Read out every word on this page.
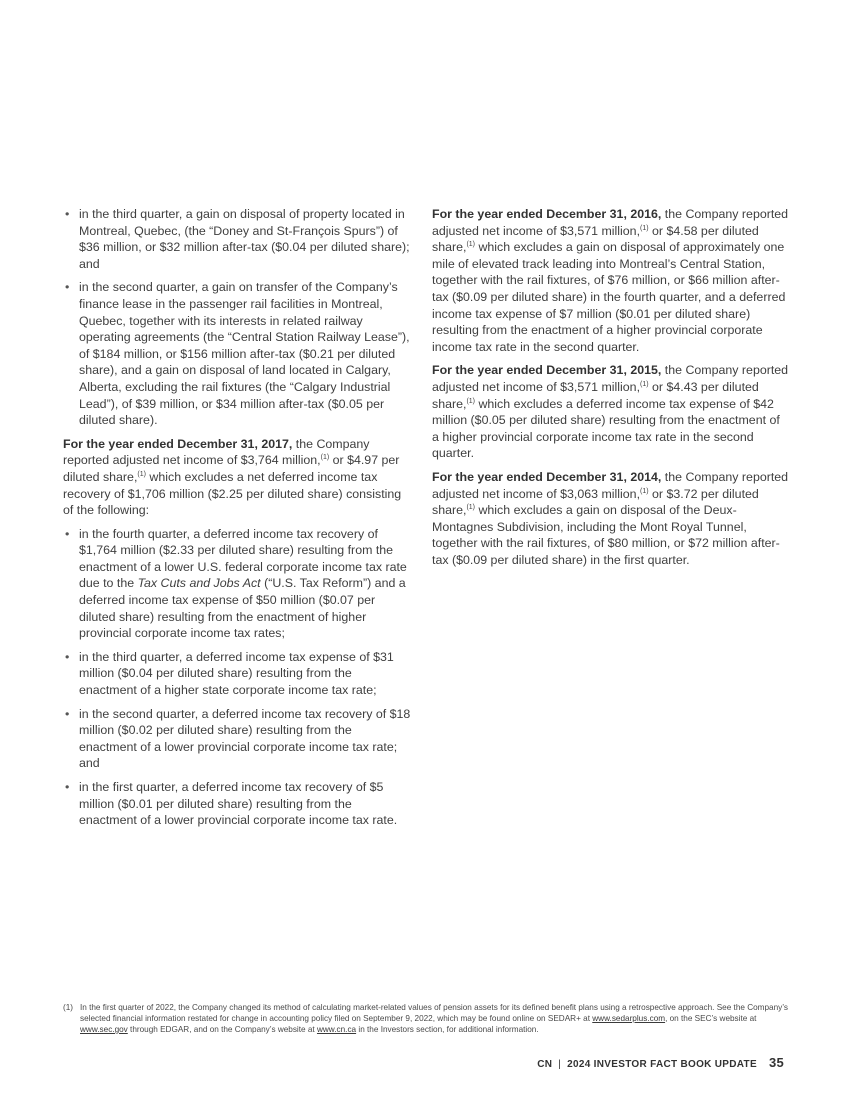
• in the third quarter, a gain on disposal of property located in Montreal, Quebec, (the “Doney and St-François Spurs”) of $36 million, or $32 million after-tax ($0.04 per diluted share); and
• in the second quarter, a gain on transfer of the Company’s finance lease in the passenger rail facilities in Montreal, Quebec, together with its interests in related railway operating agreements (the “Central Station Railway Lease”), of $184 million, or $156 million after-tax ($0.21 per diluted share), and a gain on disposal of land located in Calgary, Alberta, excluding the rail fixtures (the “Calgary Industrial Lead”), of $39 million, or $34 million after-tax ($0.05 per diluted share).

For the year ended December 31, 2017, the Company reported adjusted net income of $3,764 million,$^{(1)}$ or $4.97 per diluted share,$^{(1)}$ which excludes a net deferred income tax recovery of $1,706 million ($2.25 per diluted share) consisting of the following:

• in the fourth quarter, a deferred income tax recovery of $1,764 million ($2.33 per diluted share) resulting from the enactment of a lower U.S. federal corporate income tax rate due to the Tax Cuts and Jobs Act (“U.S. Tax Reform”) and a deferred income tax expense of $50 million ($0.07 per diluted share) resulting from the enactment of higher provincial corporate income tax rates;
• in the third quarter, a deferred income tax expense of $31 million ($0.04 per diluted share) resulting from the enactment of a higher state corporate income tax rate;
• in the second quarter, a deferred income tax recovery of $18 million ($0.02 per diluted share) resulting from the enactment of a lower provincial corporate income tax rate; and
• in the first quarter, a deferred income tax recovery of $5 million ($0.01 per diluted share) resulting from the enactment of a lower provincial corporate income tax rate.

For the year ended December 31, 2016, the Company reported adjusted net income of $3,571 million,$^{(1)}$ or $4.58 per diluted share,$^{(1)}$ which excludes a gain on disposal of approximately one mile of elevated track leading into Montreal’s Central Station, together with the rail fixtures, of $76 million, or $66 million after-tax ($0.09 per diluted share) in the fourth quarter, and a deferred income tax expense of $7 million ($0.01 per diluted share) resulting from the enactment of a higher provincial corporate income tax rate in the second quarter.

For the year ended December 31, 2015, the Company reported adjusted net income of $3,571 million,$^{(1)}$ or $4.43 per diluted share,$^{(1)}$ which excludes a deferred income tax expense of $42 million ($0.05 per diluted share) resulting from the enactment of a higher provincial corporate income tax rate in the second quarter.

For the year ended December 31, 2014, the Company reported adjusted net income of $3,063 million,$^{(1)}$ or $3.72 per diluted share,$^{(1)}$ which excludes a gain on disposal of the Deux-Montagnes Subdivision, including the Mont Royal Tunnel, together with the rail fixtures, of $80 million, or $72 million after-tax ($0.09 per diluted share) in the first quarter.

(1) In the first quarter of 2022, the Company changed its method of calculating market-related values of pension assets for its defined benefit plans using a retrospective approach. See the Company’s selected financial information restated for change in accounting policy filed on September 9, 2022, which may be found online on SEDAR+ at www.sedarplus.com, on the SEC’s website at www.sec.gov through EDGAR, and on the Company’s website at www.cn.ca in the Investors section, for additional information.
CN | 2024 INVESTOR FACT BOOK UPDATE 35
